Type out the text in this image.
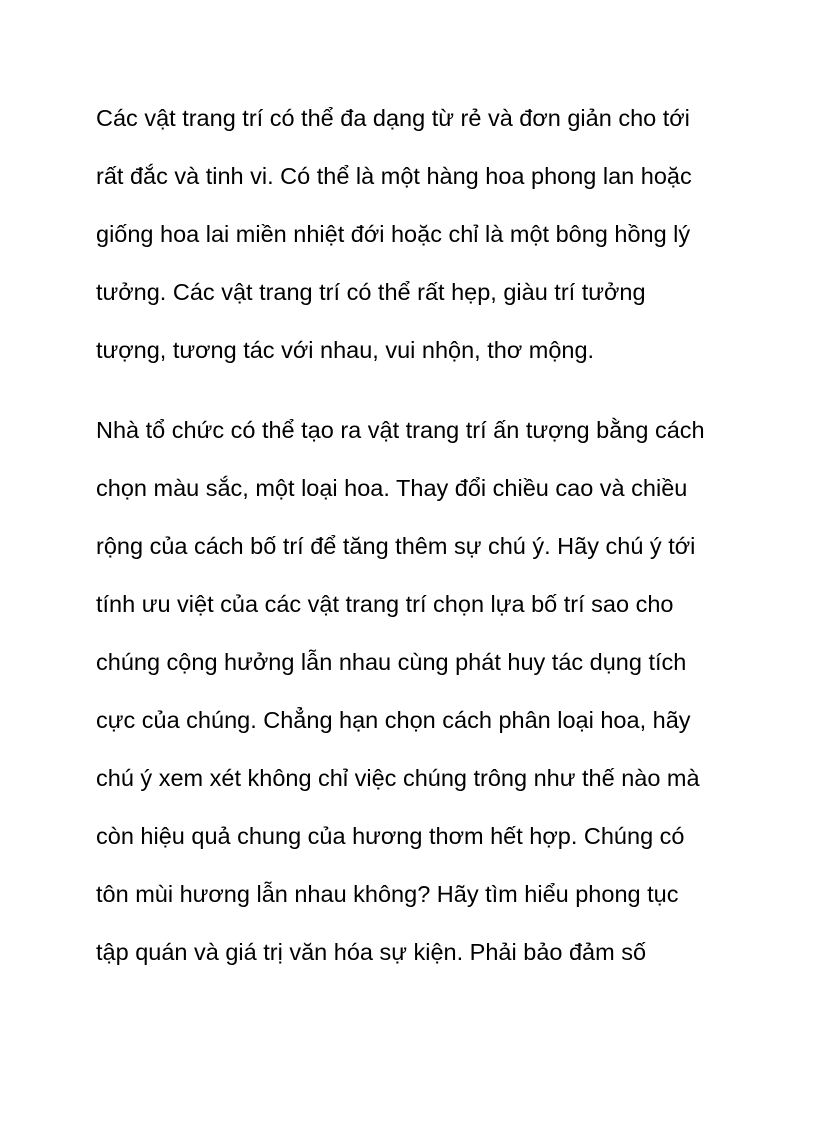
Các vật trang trí có thể đa dạng từ rẻ và đơn giản cho tới

rất đắc và tinh vi. Có thể là một hàng hoa phong lan hoặc

giống hoa lai miền nhiệt đới hoặc chỉ là một bông hồng lý

tưởng. Các vật trang trí có thể rất hẹp, giàu trí tưởng

tượng, tương tác với nhau, vui nhộn, thơ mộng.

Nhà tổ chức có thể tạo ra vật trang trí ấn tượng bằng cách

chọn màu sắc, một loại hoa. Thay đổi chiều cao và chiều

rộng của cách bố trí để tăng thêm sự chú ý. Hãy chú ý tới

tính ưu việt của các vật trang trí chọn lựa bố trí sao cho

chúng cộng hưởng lẫn nhau cùng phát huy tác dụng tích

cực của chúng. Chẳng hạn chọn cách phân loại hoa, hãy

chú ý xem xét không chỉ việc chúng trông như thế nào mà

còn hiệu quả chung của hương thơm hết hợp. Chúng có

tôn mùi hương lẫn nhau không? Hãy tìm hiểu phong tục

tập quán và giá trị văn hóa sự kiện. Phải bảo đảm số
